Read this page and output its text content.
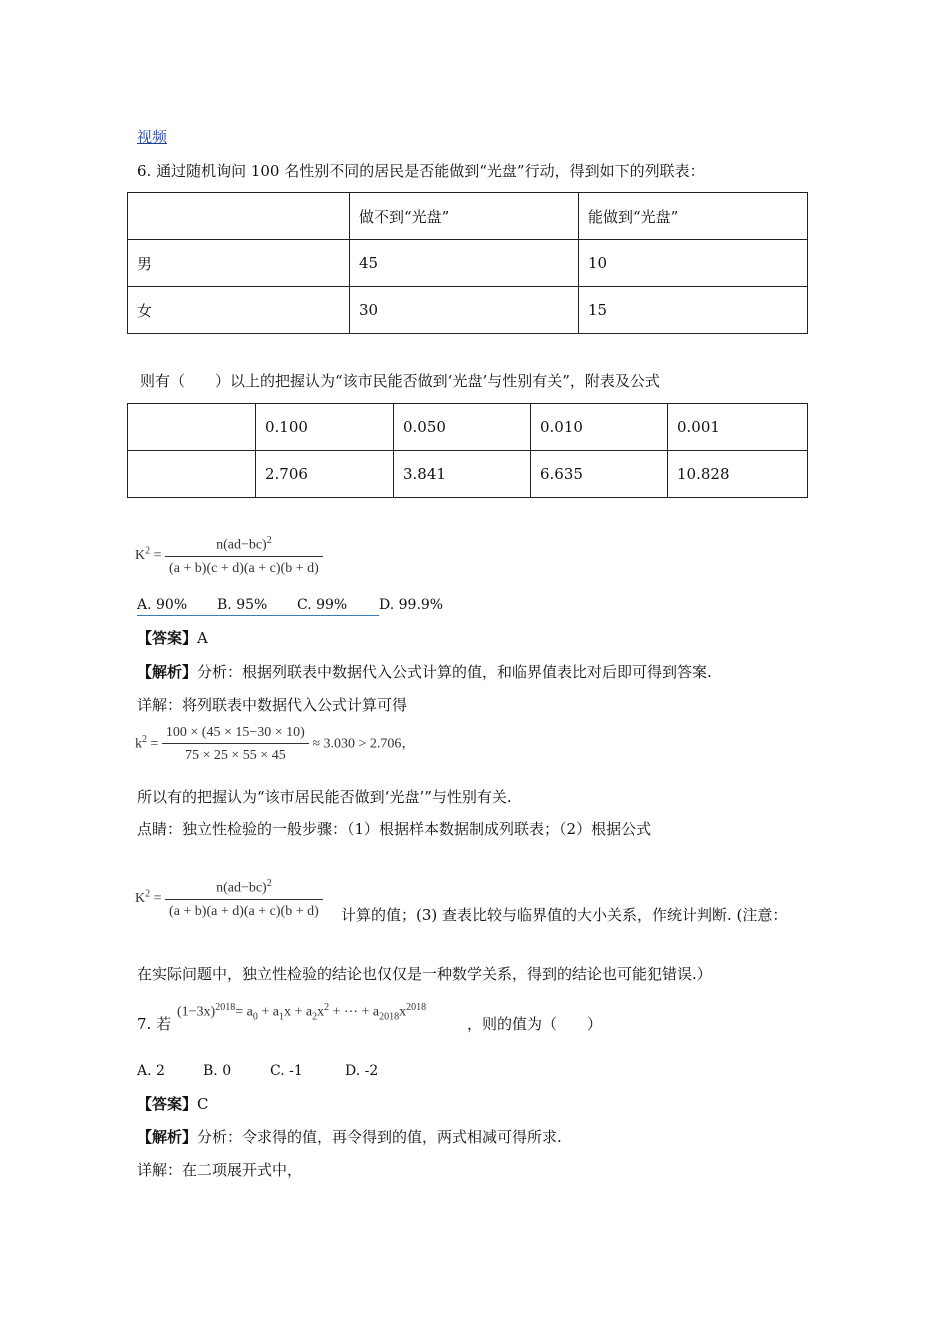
视频
6. 通过随机询问 100 名性别不同的居民是否能做到“光盘”行动，得到如下的列联表：
	做不到“光盘”	能做到“光盘”
男	45	10
女	30	15
则有（　　）以上的把握认为“该市民能否做到‘光盘’与性别有关”，附表及公式
	0.100	0.050	0.010	0.001
	2.706	3.841	6.635	10.828
$K^2 = \frac{n(ad-bc)^2}{(a + b)(c + d)(a + c)(b + d)}$
A. 90% B. 95% C. 99% D. 99.9%
【答案】A
【解析】分析：根据列联表中数据代入公式计算的值，和临界值表比对后即可得到答案.
详解：将列联表中数据代入公式计算可得
$k^2 = \frac{100 \times (45 \times 15-30 \times 10)}{75 \times 25 \times 55 \times 45} \approx 3.030 > 2.706$，
所以有的把握认为“该市居民能否做到‘光盘’”与性别有关.
点睛：独立性检验的一般步骤：（1）根据样本数据制成列联表；（2）根据公式
$K^2 = \frac{n(ad-bc)^2}{(a + b)(a + d)(a + c)(b + d)}$ 计算的值；(3) 查表比较与临界值的大小关系，作统计判断. (注意：
在实际问题中，独立性检验的结论也仅仅是一种数学关系，得到的结论也可能犯错误.）
7. 若
$(1-3x)^{2018}= a_0 + a_1x + a_2x^2$ + ⋯ + $a_{2018}x^{2018}$
，则的值为（　　）
A. 2	B. 0	C. -1	D. -2
【答案】C
【解析】分析：令求得的值，再令得到的值，两式相减可得所求.
详解：在二项展开式中，
